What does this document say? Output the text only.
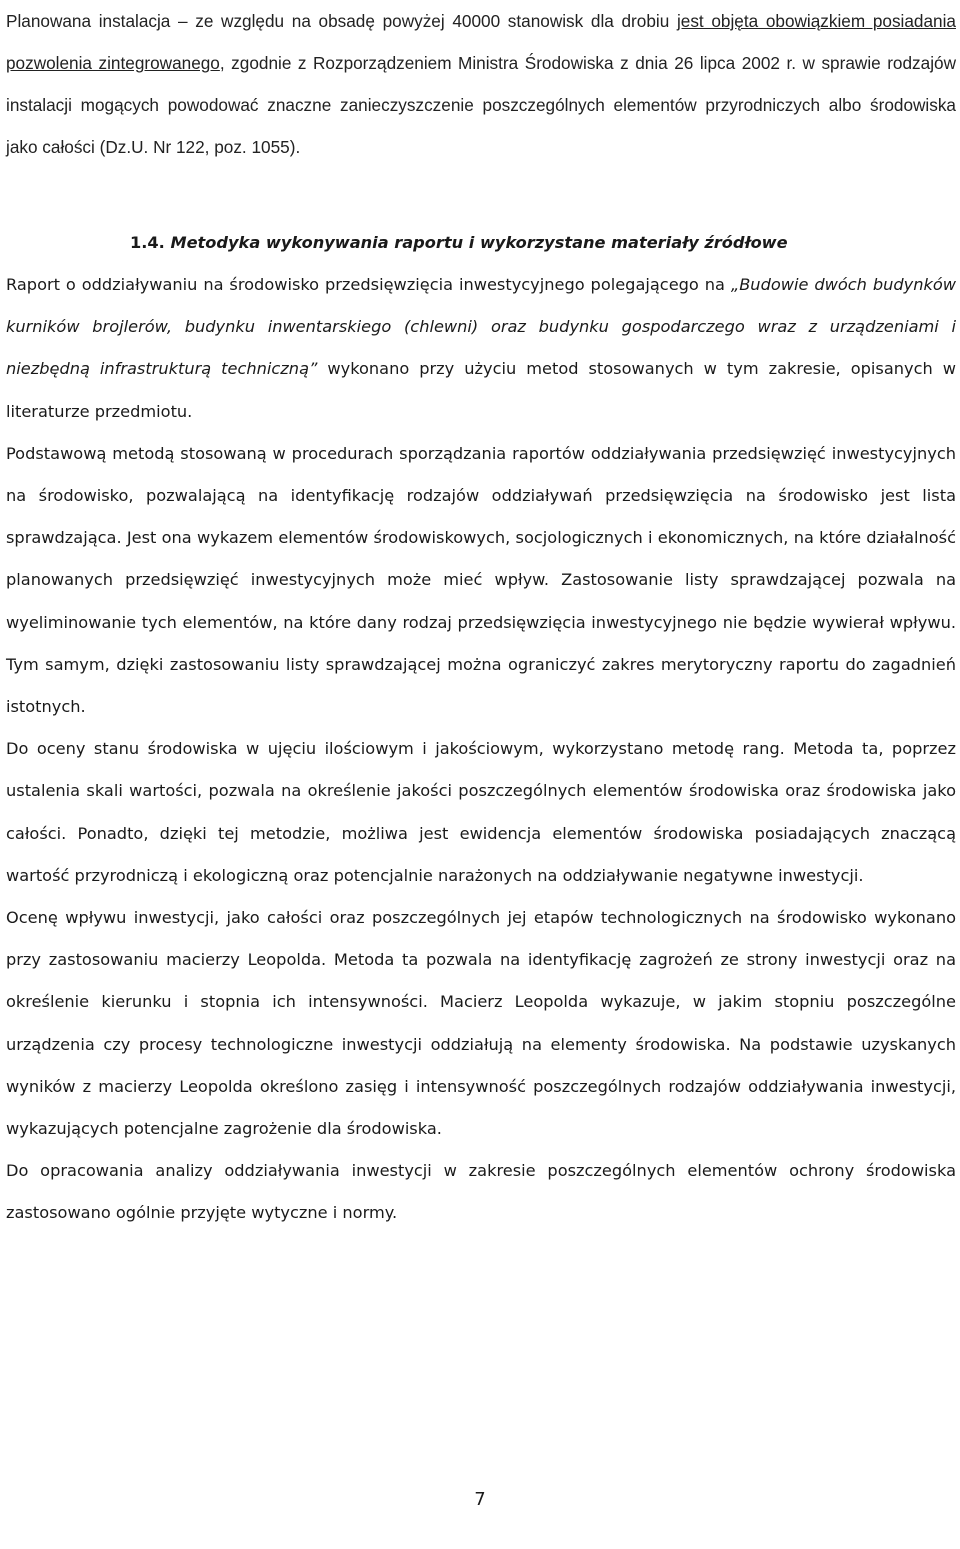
Planowana instalacja – ze względu na obsadę powyżej 40000 stanowisk dla drobiu jest objęta obowiązkiem posiadania pozwolenia zintegrowanego, zgodnie z Rozporządzeniem Ministra Środowiska z dnia 26 lipca 2002 r. w sprawie rodzajów instalacji mogących powodować znaczne zanieczyszczenie poszczególnych elementów przyrodniczych albo środowiska jako całości (Dz.U. Nr 122, poz. 1055).

1.4. Metodyka wykonywania raportu i wykorzystane materiały źródłowe

Raport o oddziaływaniu na środowisko przedsięwzięcia inwestycyjnego polegającego na „Budowie dwóch budynków kurników brojlerów, budynku inwentarskiego (chlewni) oraz budynku gospodarczego wraz z urządzeniami i niezbędną infrastrukturą techniczną” wykonano przy użyciu metod stosowanych w tym zakresie, opisanych w literaturze przedmiotu.

Podstawową metodą stosowaną w procedurach sporządzania raportów oddziaływania przedsięwzięć inwestycyjnych na środowisko, pozwalającą na identyfikację rodzajów oddziaływań przedsięwzięcia na środowisko jest lista sprawdzająca. Jest ona wykazem elementów środowiskowych, socjologicznych i ekonomicznych, na które działalność planowanych przedsięwzięć inwestycyjnych może mieć wpływ. Zastosowanie listy sprawdzającej pozwala na wyeliminowanie tych elementów, na które dany rodzaj przedsięwzięcia inwestycyjnego nie będzie wywierał wpływu. Tym samym, dzięki zastosowaniu listy sprawdzającej można ograniczyć zakres merytoryczny raportu do zagadnień istotnych.

Do oceny stanu środowiska w ujęciu ilościowym i jakościowym, wykorzystano metodę rang. Metoda ta, poprzez ustalenia skali wartości, pozwala na określenie jakości poszczególnych elementów środowiska oraz środowiska jako całości. Ponadto, dzięki tej metodzie, możliwa jest ewidencja elementów środowiska posiadających znaczącą wartość przyrodniczą i ekologiczną oraz potencjalnie narażonych na oddziaływanie negatywne inwestycji.

Ocenę wpływu inwestycji, jako całości oraz poszczególnych jej etapów technologicznych na środowisko wykonano przy zastosowaniu macierzy Leopolda. Metoda ta pozwala na identyfikację zagrożeń ze strony inwestycji oraz na określenie kierunku i stopnia ich intensywności. Macierz Leopolda wykazuje, w jakim stopniu poszczególne urządzenia czy procesy technologiczne inwestycji oddziałują na elementy środowiska. Na podstawie uzyskanych wyników z macierzy Leopolda określono zasięg i intensywność poszczególnych rodzajów oddziaływania inwestycji, wykazujących potencjalne zagrożenie dla środowiska.

Do opracowania analizy oddziaływania inwestycji w zakresie poszczególnych elementów ochrony środowiska zastosowano ogólnie przyjęte wytyczne i normy.

7
